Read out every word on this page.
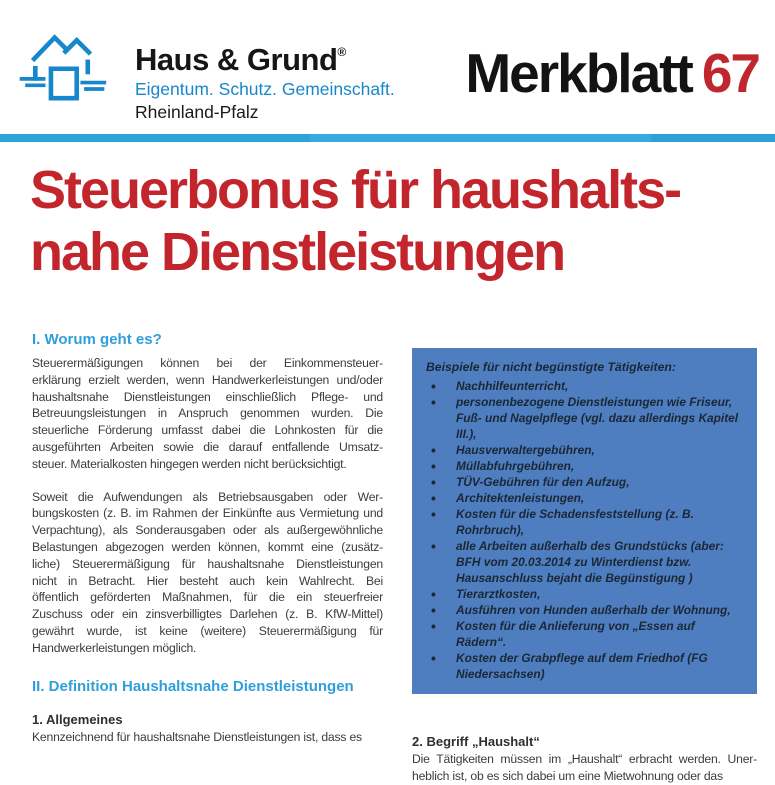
Haus & Grund®
Eigentum. Schutz. Gemeinschaft.
Rheinland-Pfalz
Merkblatt 67
Steuerbonus für haushalts-
nahe Dienstleistungen
I. Worum geht es?
Steuerermäßigungen können bei der Einkommensteuer-
erklärung erzielt werden, wenn Handwerkerleistungen und/oder
haushaltsnahe Dienstleistungen einschließlich Pflege- und
Betreuungsleistungen in Anspruch genommen wurden. Die
steuerliche Förderung umfasst dabei die Lohnkosten für die
ausgeführten Arbeiten sowie die darauf entfallende Umsatz-
steuer. Materialkosten hingegen werden nicht berücksichtigt.
Soweit die Aufwendungen als Betriebsausgaben oder Wer-
bungskosten (z. B. im Rahmen der Einkünfte aus Vermietung und
Verpachtung), als Sonderausgaben oder als außergewöhnliche
Belastungen abgezogen werden können, kommt eine (zusätz-
liche) Steuerermäßigung für haushaltsnahe Dienstleistungen
nicht in Betracht. Hier besteht auch kein Wahlrecht. Bei
öffentlich geförderten Maßnahmen, für die ein steuerfreier
Zuschuss oder ein zinsverbilligtes Darlehen (z. B. KfW-Mittel)
gewährt wurde, ist keine (weitere) Steuerermäßigung für
Handwerkerleistungen möglich.
II. Definition Haushaltsnahe Dienstleistungen
1. Allgemeines
Kennzeichnend für haushaltsnahe Dienstleistungen ist, dass es
Beispiele für nicht begünstigte Tätigkeiten:
• Nachhilfeunterricht,
• personenbezogene Dienstleistungen wie Friseur, Fuß- und Nagelpflege (vgl. dazu allerdings Kapitel III.),
• Hausverwaltergebühren,
• Müllabfuhrgebühren,
• TÜV-Gebühren für den Aufzug,
• Architektenleistungen,
• Kosten für die Schadensfeststellung (z. B. Rohrbruch),
• alle Arbeiten außerhalb des Grundstücks (aber: BFH vom 20.03.2014 zu Winterdienst bzw. Hausanschluss bejaht die Begünstigung )
• Tierarztkosten,
• Ausführen von Hunden außerhalb der Wohnung,
• Kosten für die Anlieferung von „Essen auf Rädern“.
• Kosten der Grabpflege auf dem Friedhof (FG Niedersachsen)
2. Begriff „Haushalt“
Die Tätigkeiten müssen im „Haushalt“ erbracht werden. Uner-
heblich ist, ob es sich dabei um eine Mietwohnung oder das
